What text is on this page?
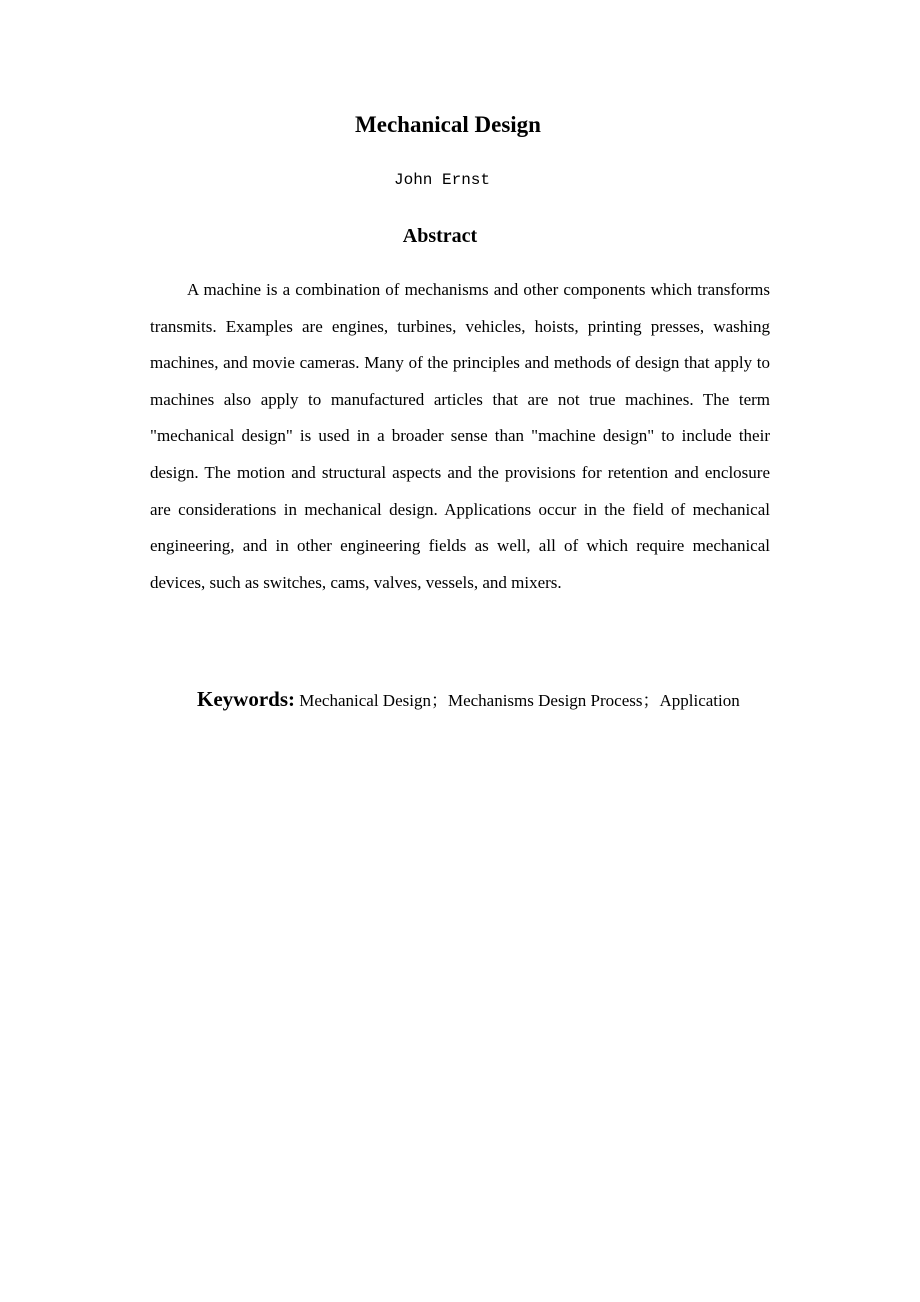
Mechanical Design

John Ernst

Abstract

A machine is a combination of mechanisms and other components which transforms transmits. Examples are engines, turbines, vehicles, hoists, printing presses, washing machines, and movie cameras. Many of the principles and methods of design that apply to machines also apply to manufactured articles that are not true machines. The term "mechanical design" is used in a broader sense than "machine design" to include their design. The motion and structural aspects and the provisions for retention and enclosure are considerations in mechanical design. Applications occur in the field of mechanical engineering, and in other engineering fields as well, all of which require mechanical devices, such as switches, cams, valves, vessels, and mixers.

Keywords: Mechanical Design；Mechanisms Design Process；Application
